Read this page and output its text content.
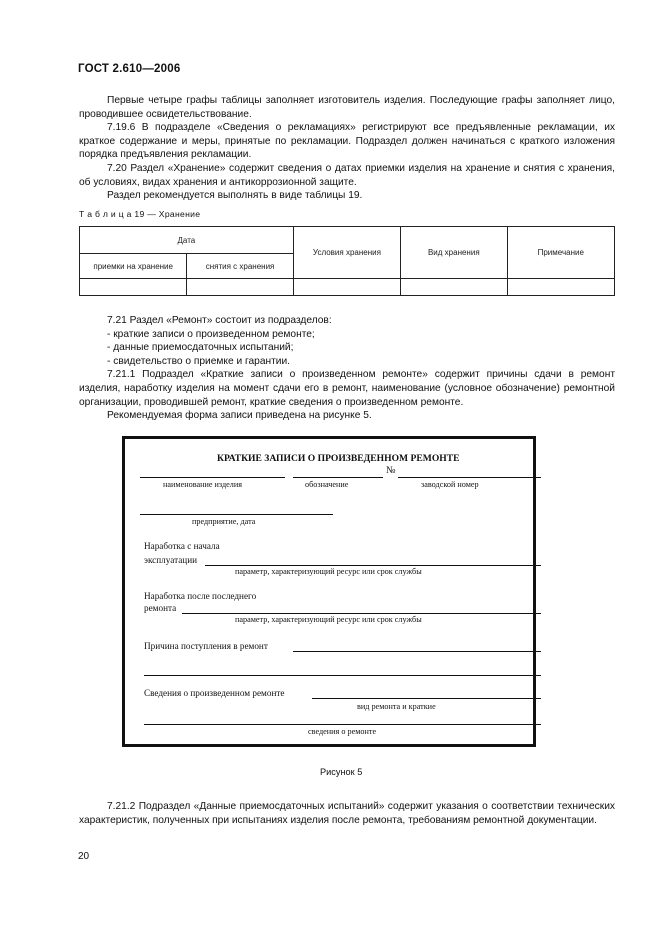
ГОСТ 2.610—2006

Первые четыре графы таблицы заполняет изготовитель изделия. Последующие графы заполняет лицо, проводившее освидетельствование.

7.19.6 В подразделе «Сведения о рекламациях» регистрируют все предъявленные рекламации, их краткое содержание и меры, принятые по рекламации. Подраздел должен начинаться с краткого изложения порядка предъявления рекламации.

7.20 Раздел «Хранение» содержит сведения о датах приемки изделия на хранение и снятия с хранения, об условиях, видах хранения и антикоррозионной защите.

Раздел рекомендуется выполнять в виде таблицы 19.

Т а б л и ц а 19 — Хранение
Дата		Условия хранения	Вид хранения	Примечание
приемки на хранение	снятия с хранения			

7.21 Раздел «Ремонт» состоит из подразделов:

- краткие записи о произведенном ремонте;

- данные приемосдаточных испытаний;

- свидетельство о приемке и гарантии.

7.21.1 Подраздел «Краткие записи о произведенном ремонте» содержит причины сдачи в ремонт изделия, наработку изделия на момент сдачи его в ремонт, наименование (условное обозначение) ремонтной организации, проводившей ремонт, краткие сведения о произведенном ремонте.

Рекомендуемая форма записи приведена на рисунке 5.

КРАТКИЕ ЗАПИСИ О ПРОИЗВЕДЕННОМ РЕМОНТЕ
№
наименование изделия	обозначение	заводской номер
предприятие, дата
Наработка с начала
эксплуатации
параметр, характеризующий ресурс или срок службы
Наработка после последнего
ремонта
параметр, характеризующий ресурс или срок службы
Причина поступления в ремонт
Сведения о произведенном ремонте
вид ремонта и краткие
сведения о ремонте
Рисунок 5

7.21.2 Подраздел «Данные приемосдаточных испытаний» содержит указания о соответствии технических характеристик, полученных при испытаниях изделия после ремонта, требованиям ремонтной документации.

20
